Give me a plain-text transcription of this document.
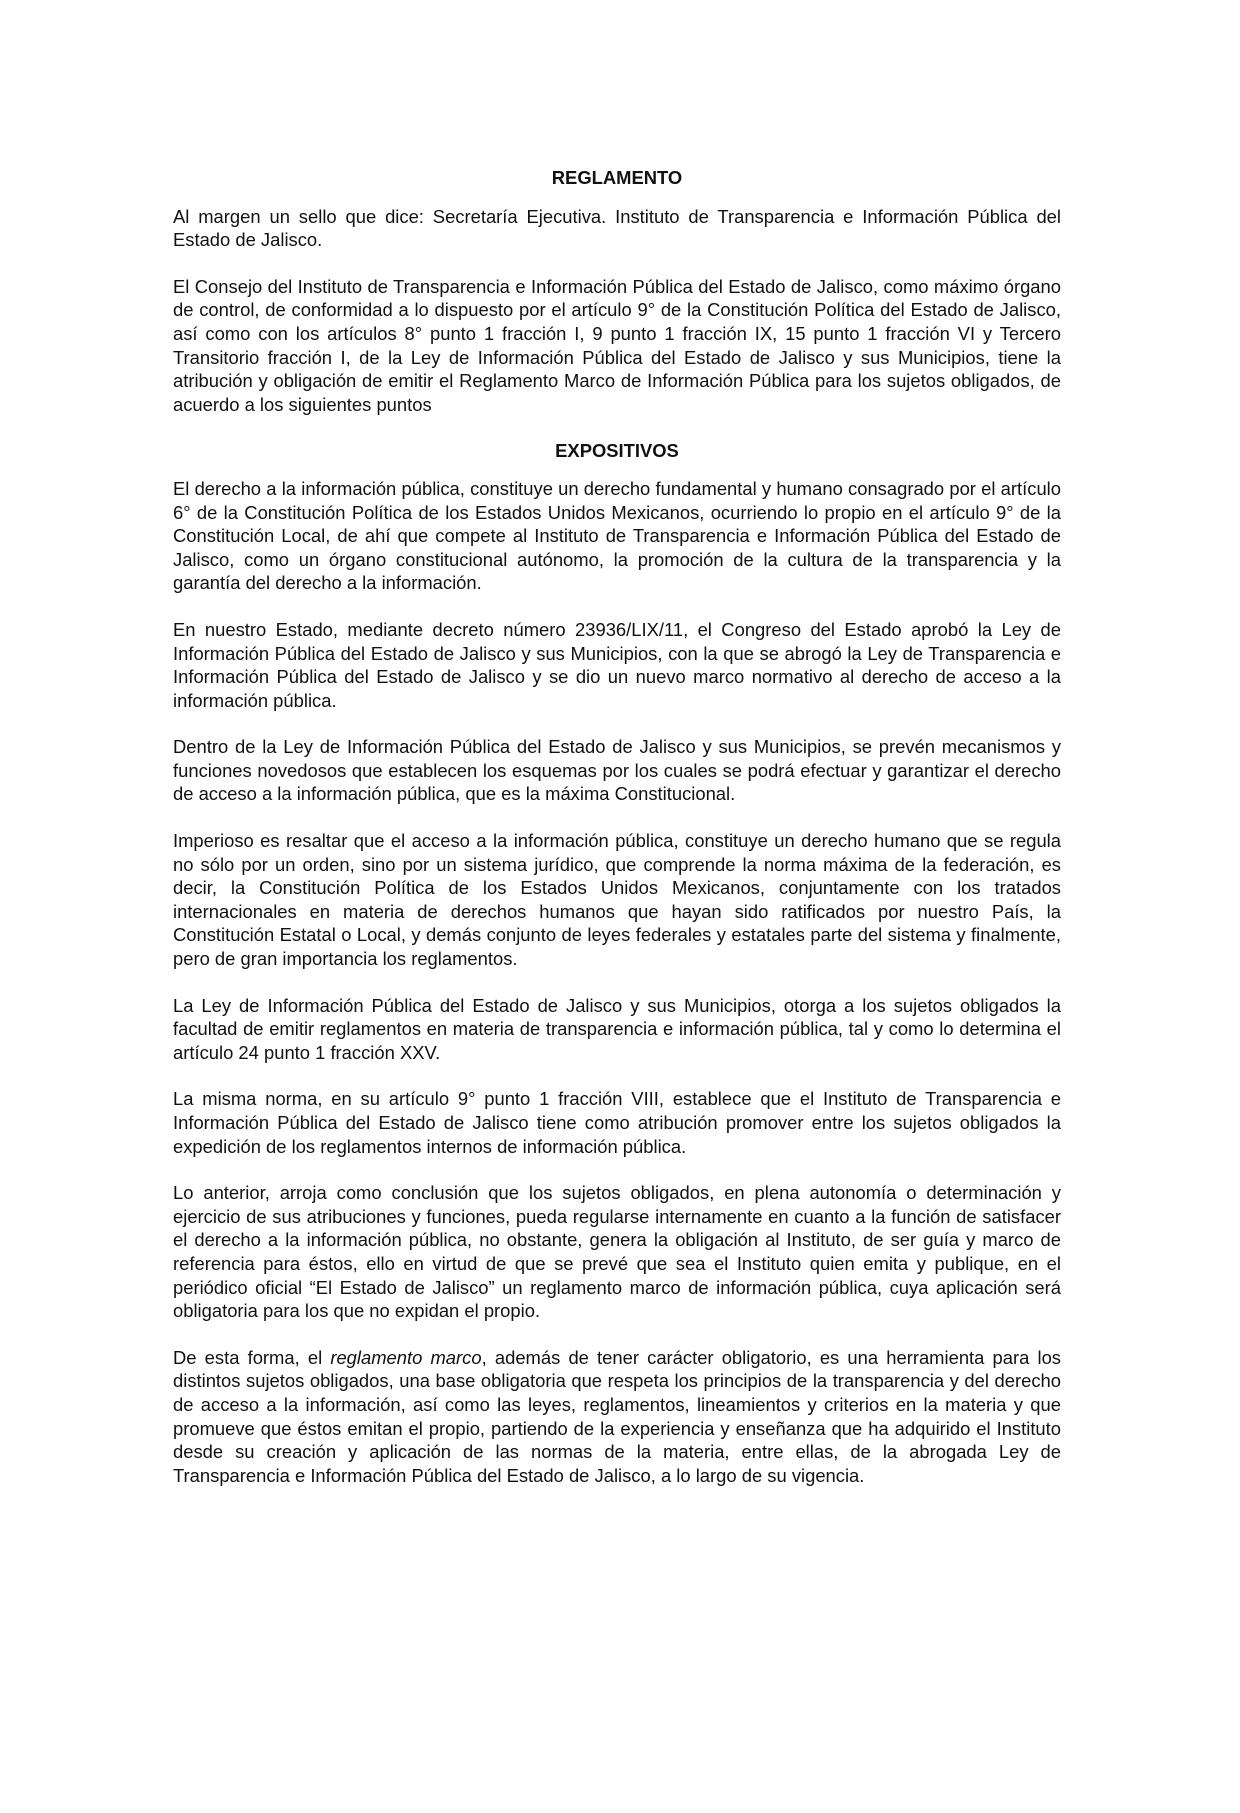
REGLAMENTO

Al margen un sello que dice: Secretaría Ejecutiva. Instituto de Transparencia e Información Pública del Estado de Jalisco.

El Consejo del Instituto de Transparencia e Información Pública del Estado de Jalisco, como máximo órgano de control, de conformidad a lo dispuesto por el artículo 9° de la Constitución Política del Estado de Jalisco, así como con los artículos 8° punto 1 fracción I, 9 punto 1 fracción IX, 15 punto 1 fracción VI y Tercero Transitorio fracción I, de la Ley de Información Pública del Estado de Jalisco y sus Municipios, tiene la atribución y obligación de emitir el Reglamento Marco de Información Pública para los sujetos obligados, de acuerdo a los siguientes puntos

EXPOSITIVOS

El derecho a la información pública, constituye un derecho fundamental y humano consagrado por el artículo 6° de la Constitución Política de los Estados Unidos Mexicanos, ocurriendo lo propio en el artículo 9° de la Constitución Local, de ahí que compete al Instituto de Transparencia e Información Pública del Estado de Jalisco, como un órgano constitucional autónomo, la promoción de la cultura de la transparencia y la garantía del derecho a la información.

En nuestro Estado, mediante decreto número 23936/LIX/11, el Congreso del Estado aprobó la Ley de Información Pública del Estado de Jalisco y sus Municipios, con la que se abrogó la Ley de Transparencia e Información Pública del Estado de Jalisco y se dio un nuevo marco normativo al derecho de acceso a la información pública.

Dentro de la Ley de Información Pública del Estado de Jalisco y sus Municipios, se prevén mecanismos y funciones novedosos que establecen los esquemas por los cuales se podrá efectuar y garantizar el derecho de acceso a la información pública, que es la máxima Constitucional.

Imperioso es resaltar que el acceso a la información pública, constituye un derecho humano que se regula no sólo por un orden, sino por un sistema jurídico, que comprende la norma máxima de la federación, es decir, la Constitución Política de los Estados Unidos Mexicanos, conjuntamente con los tratados internacionales en materia de derechos humanos que hayan sido ratificados por nuestro País, la Constitución Estatal o Local, y demás conjunto de leyes federales y estatales parte del sistema y finalmente, pero de gran importancia los reglamentos.

La Ley de Información Pública del Estado de Jalisco y sus Municipios, otorga a los sujetos obligados la facultad de emitir reglamentos en materia de transparencia e información pública, tal y como lo determina el artículo 24 punto 1 fracción XXV.

La misma norma, en su artículo 9° punto 1 fracción VIII, establece que el Instituto de Transparencia e Información Pública del Estado de Jalisco tiene como atribución promover entre los sujetos obligados la expedición de los reglamentos internos de información pública.

Lo anterior, arroja como conclusión que los sujetos obligados, en plena autonomía o determinación y ejercicio de sus atribuciones y funciones, pueda regularse internamente en cuanto a la función de satisfacer el derecho a la información pública, no obstante, genera la obligación al Instituto, de ser guía y marco de referencia para éstos, ello en virtud de que se prevé que sea el Instituto quien emita y publique, en el periódico oficial “El Estado de Jalisco” un reglamento marco de información pública, cuya aplicación será obligatoria para los que no expidan el propio.

De esta forma, el reglamento marco, además de tener carácter obligatorio, es una herramienta para los distintos sujetos obligados, una base obligatoria que respeta los principios de la transparencia y del derecho de acceso a la información, así como las leyes, reglamentos, lineamientos y criterios en la materia y que promueve que éstos emitan el propio, partiendo de la experiencia y enseñanza que ha adquirido el Instituto desde su creación y aplicación de las normas de la materia, entre ellas, de la abrogada Ley de Transparencia e Información Pública del Estado de Jalisco, a lo largo de su vigencia.
